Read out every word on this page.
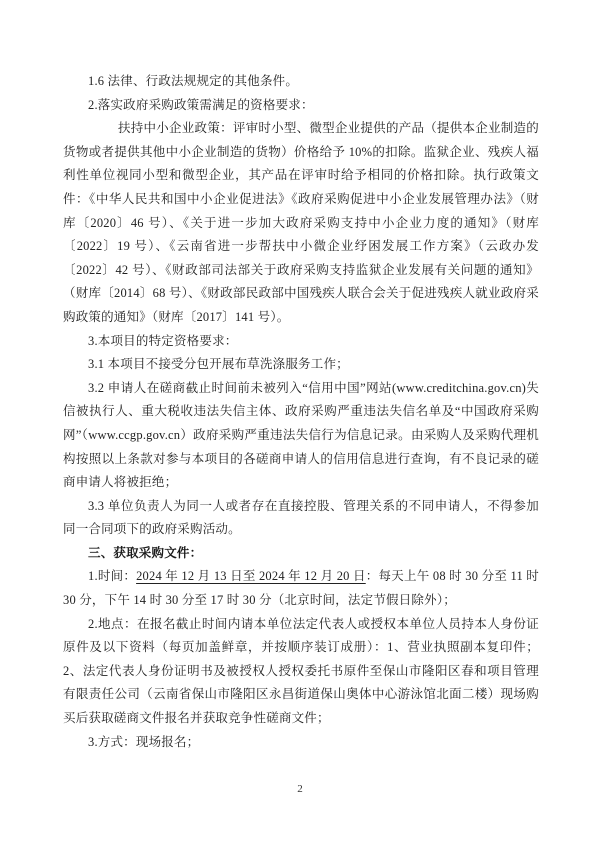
1.6 法律、行政法规规定的其他条件。

2.落实政府采购政策需满足的资格要求：

扶持中小企业政策：评审时小型、微型企业提供的产品（提供本企业制造的货物或者提供其他中小企业制造的货物）价格给予 10%的扣除。监狱企业、残疾人福利性单位视同小型和微型企业，其产品在评审时给予相同的价格扣除。执行政策文件：《中华人民共和国中小企业促进法》《政府采购促进中小企业发展管理办法》（财库〔2020〕46 号）、《关于进一步加大政府采购支持中小企业力度的通知》（财库〔2022〕19 号）、《云南省进一步帮扶中小微企业纾困发展工作方案》（云政办发〔2022〕42 号）、《财政部司法部关于政府采购支持监狱企业发展有关问题的通知》（财库〔2014〕68 号）、《财政部民政部中国残疾人联合会关于促进残疾人就业政府采购政策的通知》（财库〔2017〕141 号）。

3.本项目的特定资格要求：

3.1 本项目不接受分包开展布草洗涤服务工作；

3.2 申请人在磋商截止时间前未被列入“信用中国”网站(www.creditchina.gov.cn)失信被执行人、重大税收违法失信主体、政府采购严重违法失信名单及“中国政府采购网”（www.ccgp.gov.cn）政府采购严重违法失信行为信息记录。由采购人及采购代理机构按照以上条款对参与本项目的各磋商申请人的信用信息进行查询，有不良记录的磋商申请人将被拒绝；

3.3 单位负责人为同一人或者存在直接控股、管理关系的不同申请人，不得参加同一合同项下的政府采购活动。

三、获取采购文件：

1.时间：2024 年 12 月 13 日至 2024 年 12 月 20 日：每天上午 08 时 30 分至 11 时 30 分，下午 14 时 30 分至 17 时 30 分（北京时间，法定节假日除外）；

2.地点：在报名截止时间内请本单位法定代表人或授权本单位人员持本人身份证原件及以下资料（每页加盖鲜章，并按顺序装订成册）：1、营业执照副本复印件；2、法定代表人身份证明书及被授权人授权委托书原件至保山市隆阳区春和项目管理有限责任公司（云南省保山市隆阳区永昌街道保山奥体中心游泳馆北面二楼）现场购买后获取磋商文件报名并获取竞争性磋商文件；

3.方式：现场报名；

2
